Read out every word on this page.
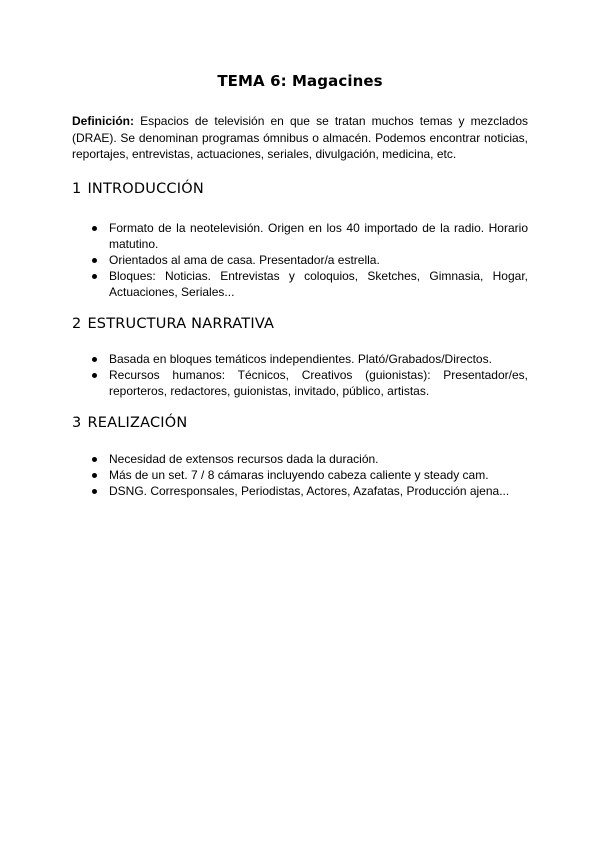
TEMA 6: Magacines
Definición: Espacios de televisión en que se tratan muchos temas y mezclados (DRAE). Se denominan programas ómnibus o almacén. Podemos encontrar noticias, reportajes, entrevistas, actuaciones, seriales, divulgación, medicina, etc.
1 INTRODUCCIÓN
Formato de la neotelevisión. Origen en los 40 importado de la radio. Horario matutino.
Orientados al ama de casa. Presentador/a estrella.
Bloques: Noticias. Entrevistas y coloquios, Sketches, Gimnasia, Hogar, Actuaciones, Seriales...
2 ESTRUCTURA NARRATIVA
Basada en bloques temáticos independientes. Plató/Grabados/Directos.
Recursos humanos: Técnicos, Creativos (guionistas): Presentador/es, reporteros, redactores, guionistas, invitado, público, artistas.
3 REALIZACIÓN
Necesidad de extensos recursos dada la duración.
Más de un set. 7 / 8 cámaras incluyendo cabeza caliente y steady cam.
DSNG. Corresponsales, Periodistas, Actores, Azafatas, Producción ajena...
